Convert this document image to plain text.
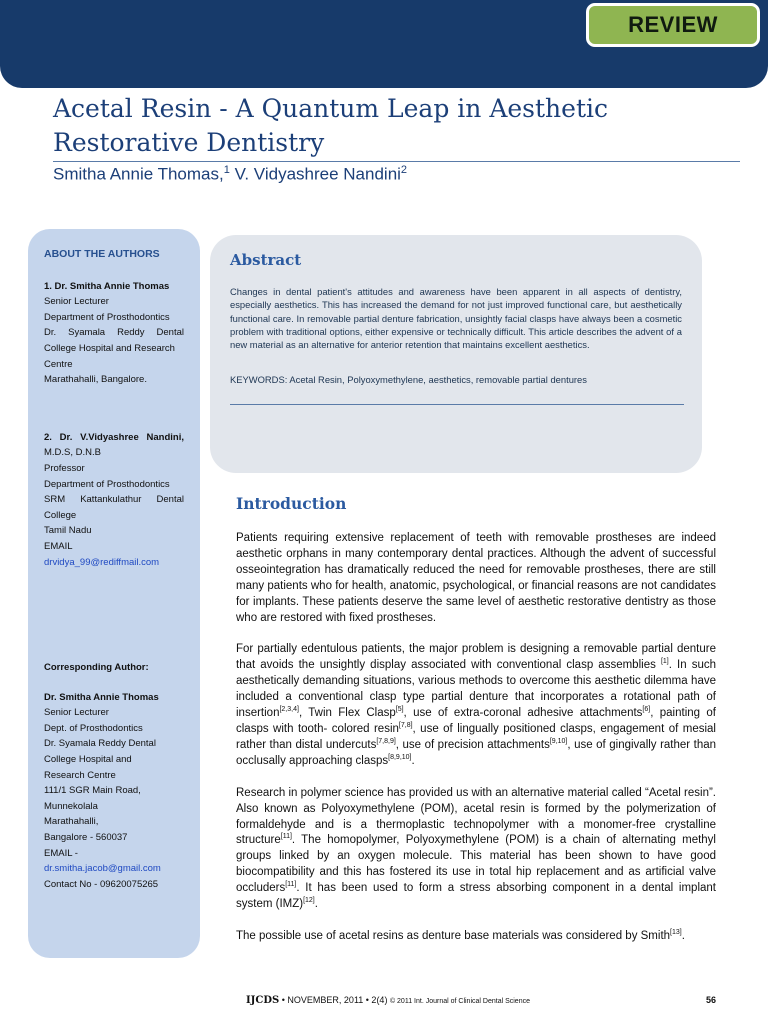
REVIEW
Acetal Resin - A Quantum Leap in Aesthetic Restorative Dentistry
Smitha Annie Thomas,$^1$ V. Vidyashree Nandini$^2$
ABOUT THE AUTHORS
1. Dr. Smitha Annie Thomas
Senior Lecturer
Department of Prosthodontics
Dr. Syamala Reddy Dental
College Hospital and Research
Centre
Marathahalli, Bangalore.
2. Dr. V.Vidyashree Nandini,
M.D.S, D.N.B
Professor
Department of Prosthodontics
SRM Kattankulathur Dental
College
Tamil Nadu
EMAIL
drvidya_99@rediffmail.com
Corresponding Author:
Dr. Smitha Annie Thomas
Senior Lecturer
Dept. of Prosthodontics
Dr. Syamala Reddy Dental
College Hospital and
Research Centre
111/1 SGR Main Road,
Munnekolala
Marathahalli,
Bangalore - 560037
EMAIL -
dr.smitha.jacob@gmail.com
Contact No - 09620075265
Abstract

Changes in dental patient's attitudes and awareness have been apparent in all aspects of dentistry, especially aesthetics. This has increased the demand for not just improved functional care, but aesthetically functional care. In removable partial denture fabrication, unsightly facial clasps have always been a cosmetic problem with traditional options, either expensive or technically difficult. This article describes the advent of a new material as an alternative for anterior retention that maintains excellent aesthetics.

KEYWORDS: Acetal Resin, Polyoxymethylene, aesthetics, removable partial dentures
Introduction

Patients requiring extensive replacement of teeth with removable prostheses are indeed aesthetic orphans in many contemporary dental practices. Although the advent of successful osseointegration has dramatically reduced the need for removable prostheses, there are still many patients who for health, anatomic, psychological, or financial reasons are not candidates for implants. These patients deserve the same level of aesthetic restorative dentistry as those who are restored with fixed prostheses.

For partially edentulous patients, the major problem is designing a removable partial denture that avoids the unsightly display associated with conventional clasp assemblies [1]. In such aesthetically demanding situations, various methods to overcome this aesthetic dilemma have included a conventional clasp type partial denture that incorporates a rotational path of insertion[2,3,4], Twin Flex Clasp[5], use of extra-coronal adhesive attachments[6], painting of clasps with tooth- colored resin[7,8], use of lingually positioned clasps, engagement of mesial rather than distal undercuts[7,8,9], use of precision attachments[9,10], use of gingivally rather than occlusally approaching clasps[8,9,10].

Research in polymer science has provided us with an alternative material called “Acetal resin”. Also known as Polyoxymethylene (POM), acetal resin is formed by the polymerization of formaldehyde and is a thermoplastic technopolymer with a monomer-free crystalline structure[11]. The homopolymer, Polyoxymethylene (POM) is a chain of alternating methyl groups linked by an oxygen molecule. This material has been shown to have good biocompatibility and this has fostered its use in total hip replacement and as artificial valve occluders[11]. It has been used to form a stress absorbing component in a dental implant system (IMZ)[12].

The possible use of acetal resins as denture base materials was considered by Smith[13].

IJCDS • NOVEMBER, 2011 • 2(4) © 2011 Int. Journal of Clinical Dental Science	56
